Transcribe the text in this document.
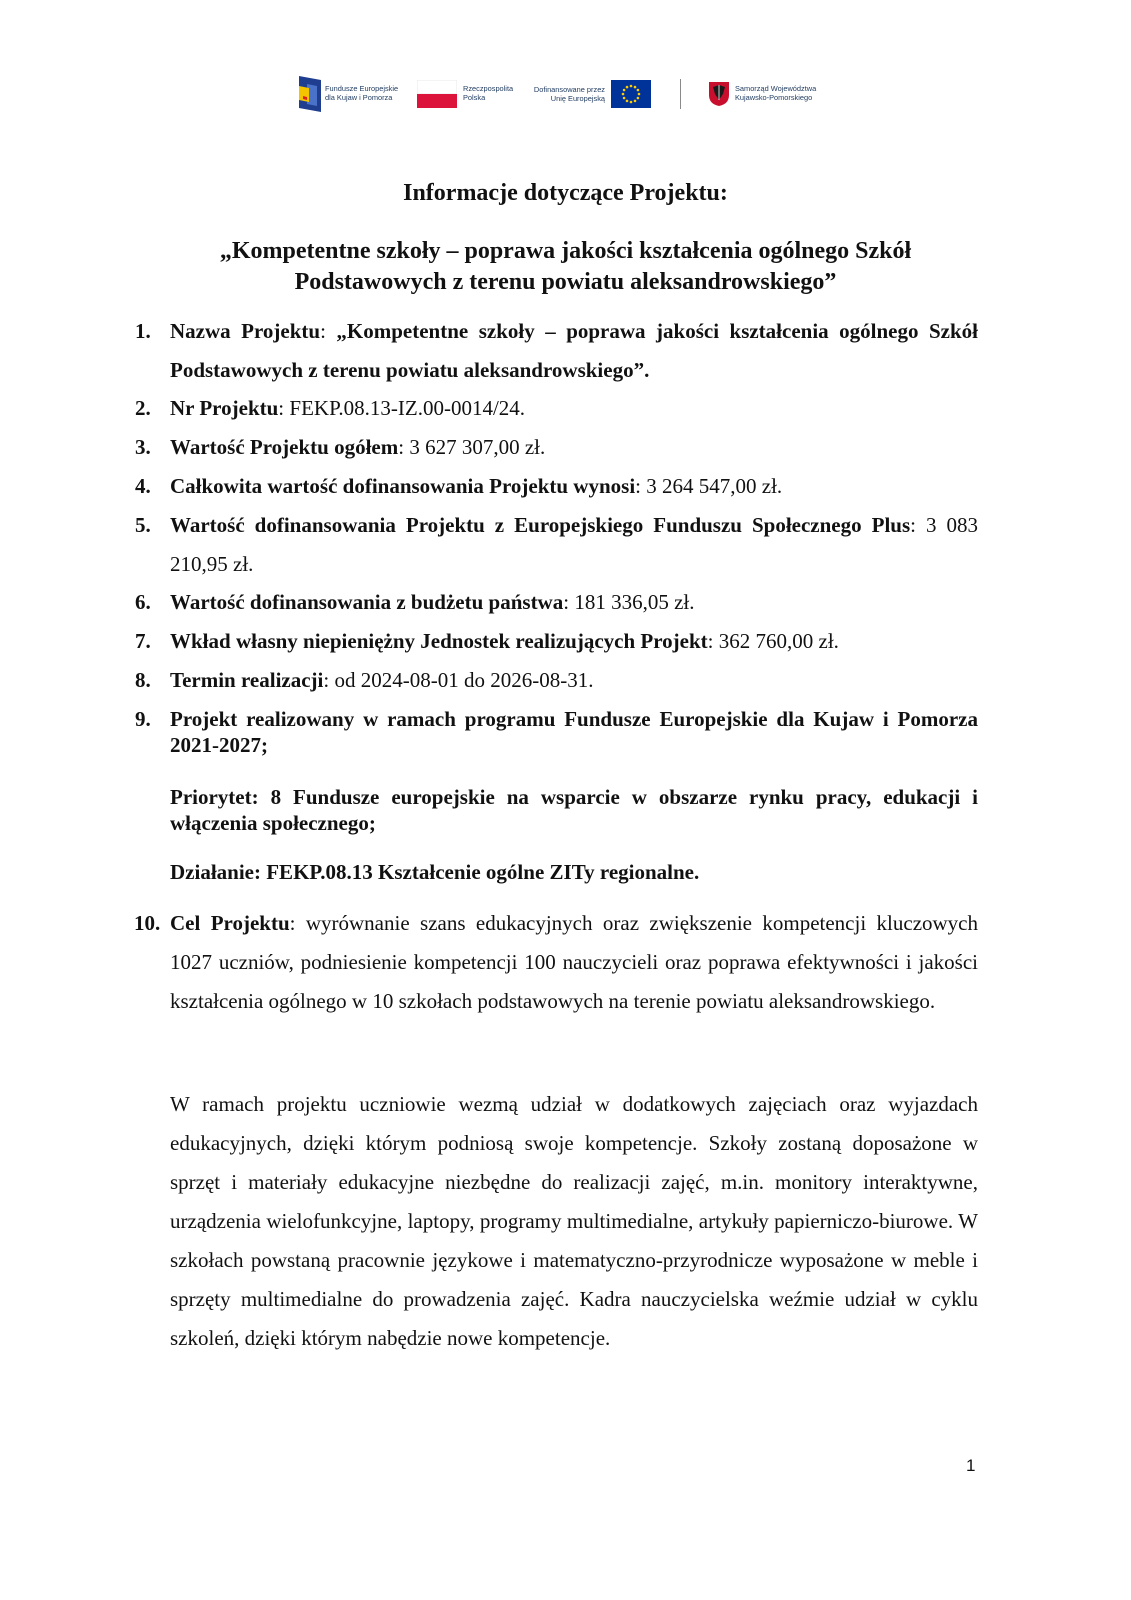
Fundusze Europejskie
dla Kujaw i Pomorza
Rzeczpospolita
Polska
Dofinansowane przez
Unię Europejską
Samorząd Województwa
Kujawsko-Pomorskiego
Informacje dotyczące Projektu:
„Kompetentne szkoły – poprawa jakości kształcenia ogólnego Szkół
Podstawowych z terenu powiatu aleksandrowskiego”
1. Nazwa Projektu: „Kompetentne szkoły – poprawa jakości kształcenia ogólnego Szkół Podstawowych z terenu powiatu aleksandrowskiego”.
2. Nr Projektu: FEKP.08.13-IZ.00-0014/24.
3. Wartość Projektu ogółem: 3 627 307,00 zł.
4. Całkowita wartość dofinansowania Projektu wynosi: 3 264 547,00 zł.
5. Wartość dofinansowania Projektu z Europejskiego Funduszu Społecznego Plus: 3 083 210,95 zł.
6. Wartość dofinansowania z budżetu państwa: 181 336,05 zł.
7. Wkład własny niepieniężny Jednostek realizujących Projekt: 362 760,00 zł.
8. Termin realizacji: od 2024-08-01 do 2026-08-31.
9. Projekt realizowany w ramach programu Fundusze Europejskie dla Kujaw i Pomorza 2021-2027;
Priorytet: 8 Fundusze europejskie na wsparcie w obszarze rynku pracy, edukacji i włączenia społecznego;
Działanie: FEKP.08.13 Kształcenie ogólne ZITy regionalne.
10. Cel Projektu: wyrównanie szans edukacyjnych oraz zwiększenie kompetencji kluczowych 1027 uczniów, podniesienie kompetencji 100 nauczycieli oraz poprawa efektywności i jakości kształcenia ogólnego w 10 szkołach podstawowych na terenie powiatu aleksandrowskiego.
W ramach projektu uczniowie wezmą udział w dodatkowych zajęciach oraz wyjazdach edukacyjnych, dzięki którym podniosą swoje kompetencje. Szkoły zostaną doposażone w sprzęt i materiały edukacyjne niezbędne do realizacji zajęć, m.in. monitory interaktywne, urządzenia wielofunkcyjne, laptopy, programy multimedialne, artykuły papierniczo-biurowe. W szkołach powstaną pracownie językowe i matematyczno-przyrodnicze wyposażone w meble i sprzęty multimedialne do prowadzenia zajęć. Kadra nauczycielska weźmie udział w cyklu szkoleń, dzięki którym nabędzie nowe kompetencje.
1
